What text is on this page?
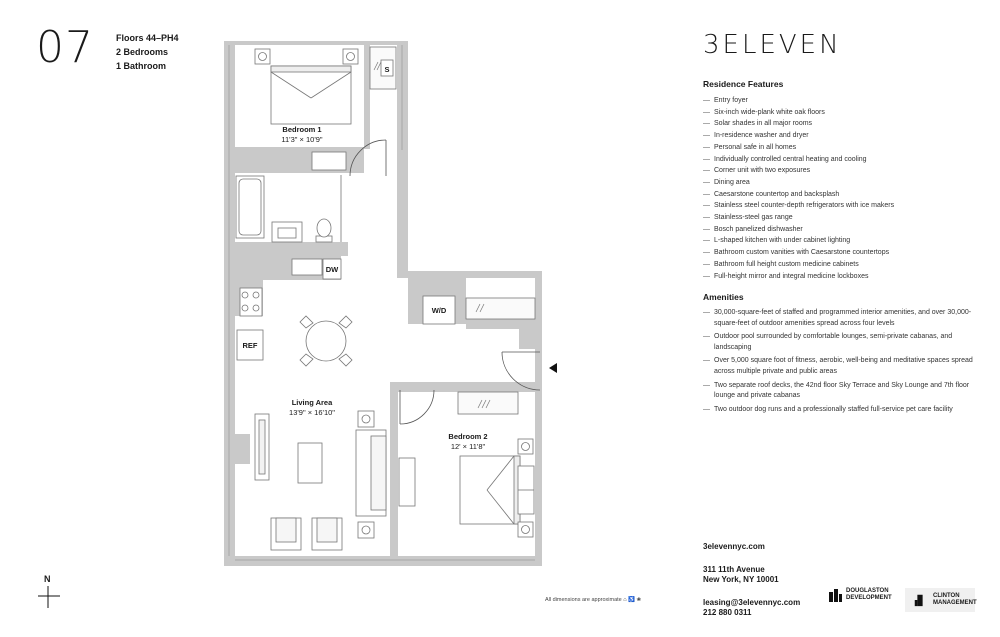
07 Floors 44–PH4
2 Bedrooms
1 Bathroom
Bedroom 1
11'3" × 10'9"
Living Area
13'9" × 16'10"
Bedroom 2
12' × 11'8"
S
DW
REF
W/D
3ELEVEN
Residence Features
— Entry foyer
— Six-inch wide-plank white oak floors
— Solar shades in all major rooms
— In-residence washer and dryer
— Personal safe in all homes
— Individually controlled central heating and cooling
— Corner unit with two exposures
— Dining area
— Caesarstone countertop and backsplash
— Stainless steel counter-depth refrigerators with ice makers
— Stainless-steel gas range
— Bosch panelized dishwasher
— L-shaped kitchen with under cabinet lighting
— Bathroom custom vanities with Caesarstone countertops
— Bathroom full height custom medicine cabinets
— Full-height mirror and integral medicine lockboxes
Amenities
— 30,000-square-feet of staffed and programmed interior amenities, and over 30,000-square-feet of outdoor amenities spread across four levels
— Outdoor pool surrounded by comfortable lounges, semi-private cabanas, and landscaping
— Over 5,000 square foot of fitness, aerobic, well-being and meditative spaces spread across multiple private and public areas
— Two separate roof decks, the 42nd floor Sky Terrace and Sky Lounge and 7th floor lounge and private cabanas
— Two outdoor dog runs and a professionally staffed full-service pet care facility
3elevennyc.com
311 11th Avenue
New York, NY 10001
leasing@3elevennyc.com
212 880 0311
DOUGLASTON DEVELOPMENT	CLINTON MANAGEMENT
All dimensions are approximate ⌂ ♿ ❀
N
